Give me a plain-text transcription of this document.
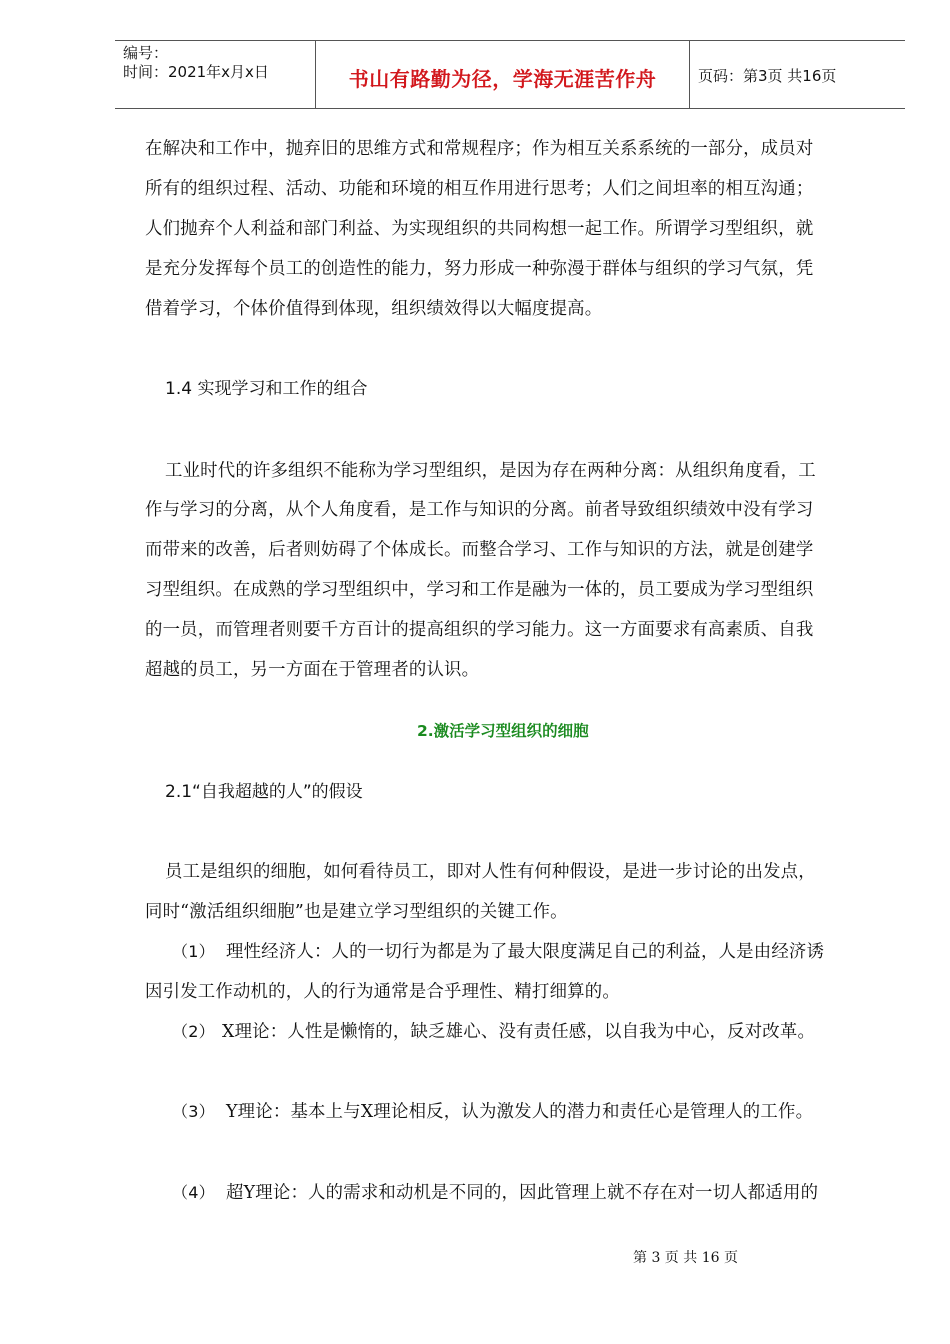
编号：
时间：2021年x月x日	书山有路勤为径，学海无涯苦作舟	页码：第3页 共16页
在解决和工作中，抛弃旧的思维方式和常规程序；作为相互关系系统的一部分，成员对
所有的组织过程、活动、功能和环境的相互作用进行思考；人们之间坦率的相互沟通；
人们抛弃个人利益和部门利益、为实现组织的共同构想一起工作。所谓学习型组织，就
是充分发挥每个员工的创造性的能力，努力形成一种弥漫于群体与组织的学习气氛，凭
借着学习，个体价值得到体现，组织绩效得以大幅度提高。
1.4 实现学习和工作的组合
工业时代的许多组织不能称为学习型组织，是因为存在两种分离：从组织角度看，工
作与学习的分离，从个人角度看，是工作与知识的分离。前者导致组织绩效中没有学习
而带来的改善，后者则妨碍了个体成长。而整合学习、工作与知识的方法，就是创建学
习型组织。在成熟的学习型组织中，学习和工作是融为一体的，员工要成为学习型组织
的一员，而管理者则要千方百计的提高组织的学习能力。这一方面要求有高素质、自我
超越的员工，另一方面在于管理者的认识。
2.激活学习型组织的细胞
2.1“自我超越的人”的假设
员工是组织的细胞，如何看待员工，即对人性有何种假设，是进一步讨论的出发点，
同时“激活组织细胞”也是建立学习型组织的关键工作。
（1） 理性经济人：人的一切行为都是为了最大限度满足自己的利益，人是由经济诱
因引发工作动机的，人的行为通常是合乎理性、精打细算的。
（2） X理论：人性是懒惰的，缺乏雄心、没有责任感，以自我为中心，反对改革。
（3） Y理论：基本上与X理论相反，认为激发人的潜力和责任心是管理人的工作。
（4） 超Y理论：人的需求和动机是不同的，因此管理上就不存在对一切人都适用的
第 3 页 共 16 页
